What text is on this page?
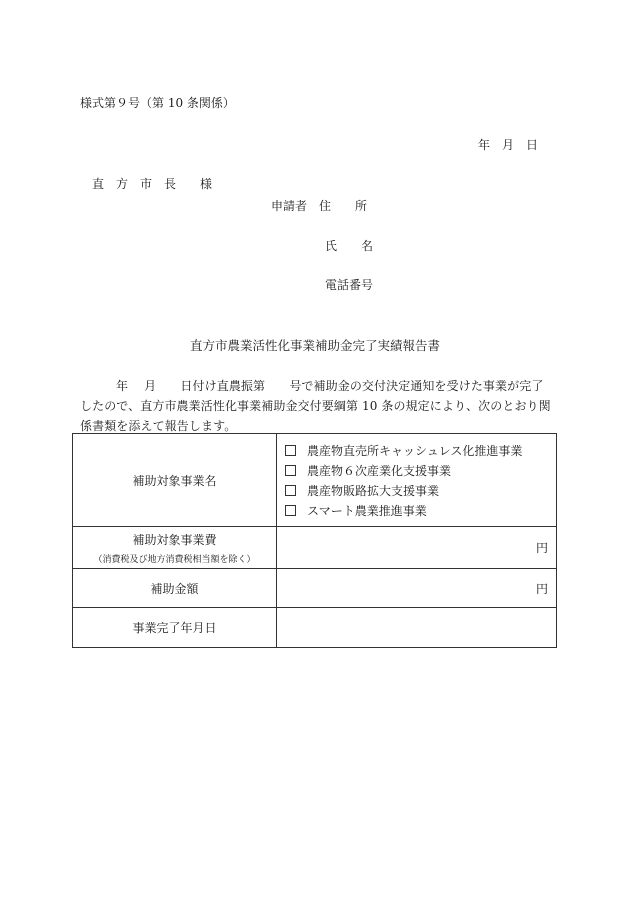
様式第９号（第 10 条関係）
年　月　日
直　方　市　長　　様
申請者　住　　所
氏　　名
電話番号
直方市農業活性化事業補助金完了実績報告書
年　 月　　日付け直農振第　　号で補助金の交付決定通知を受けた事業が完了
したので、直方市農業活性化事業補助金交付要綱第 10 条の規定により、次のとおり関
係書類を添えて報告します。
補助対象事業名	農産物直売所キャッシュレス化推進事業
農産物６次産業化支援事業
農産物販路拡大支援事業
スマート農業推進事業

補助対象事業費
（消費税及び地方消費税相当額を除く）	円
補助金額	円
事業完了年月日	
